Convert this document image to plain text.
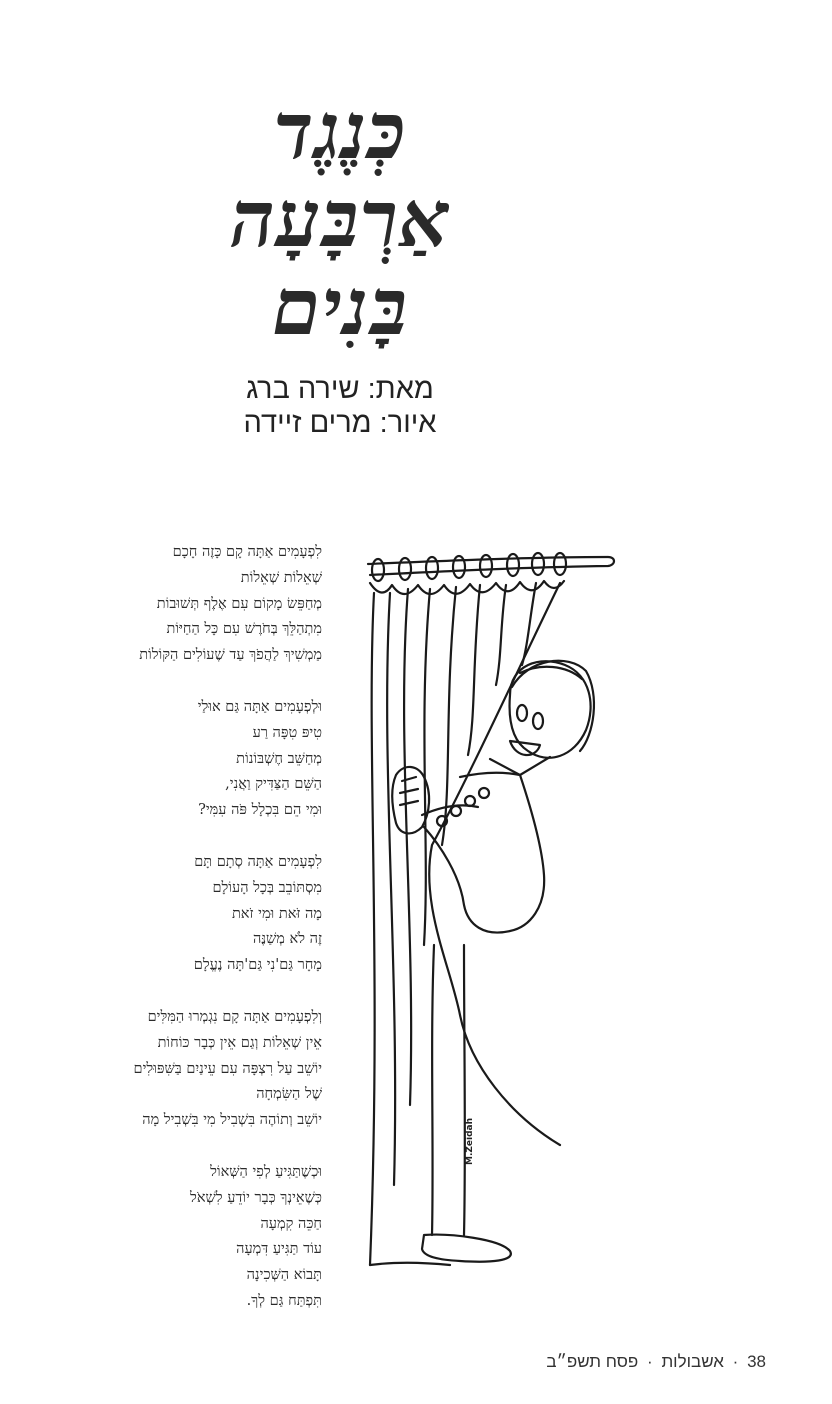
כְּנֶגֶד
אַרְבָּעָה
בָּנִים
מאת: שירה ברג
איור: מרים זיידה

לִפְעָמִים אַתָּה קָם כָּזֶה חָכָם
שְׁאֵלוֹת שְׁאֵלוֹת
מְחַפֵּשׂ מָקוֹם עִם אֶלֶף תְּשׁוּבוֹת
מִתְהַלֵּךְ בְּחֹרֶשׁ עִם כָּל הַחַיּוֹת
מַמְשִׁיךְ לַהֲפֹךְ עַד שֶׁעוֹלִים הַקּוֹלוֹת

וּלְפְעָמִים אַתָּה גַּם אוּלַי
טִיפּ טִפָּה רַע
מְחַשֵּׁב חֶשְׁבּוֹנוֹת
הַשֵּׁם הַצַּדִּיק וַאֲנִי,
וּמִי הֵם בִּכְלָל פֹּה עִמִּי?

לִפְעָמִים אַתָּה סְתָם תָּם
מִסְתּוֹבֵב בְּכָל הָעוֹלָם
מָה זֹּאת וּמִי זֹאת
זֶה לֹא מְשַׁנֶּה
מָחָר גַּם'נִי גַּם'תָּה נֶעֱלָם

וְלִפְעָמִים אַתָּה קָם נִגְמְרוּ הַמִּלִּים
אֵין שְׁאֵלוֹת וְגַם אֵין כְּבָר כּוֹחוֹת
יוֹשֵׁב עַל רִצְפָּה עִם עֵינַיִם בַּשִּׁפּוּלִים
שֶׁל הַשִּׂמְחָה
יוֹשֵׁב וְתוֹהֶה בִּשְׁבִיל מִי בִּשְׁבִיל מָה

וּכְשֶׁתַּגִּיעַ לְפִי הַשְּׁאוֹל
כְּשֶׁאֵינְךָ כְּבָר יוֹדֵעַ לִשְׁאֹל
חַכֵּה קִמְעָה
עוֹד תַּגִּיעַ דִּמְעָה
תָּבוֹא הַשְּׁכִינָה
תִּפְתַּח גַּם לְךָ.

M.Zeidah
38 · אשבולות · פסח תשפ״ב
